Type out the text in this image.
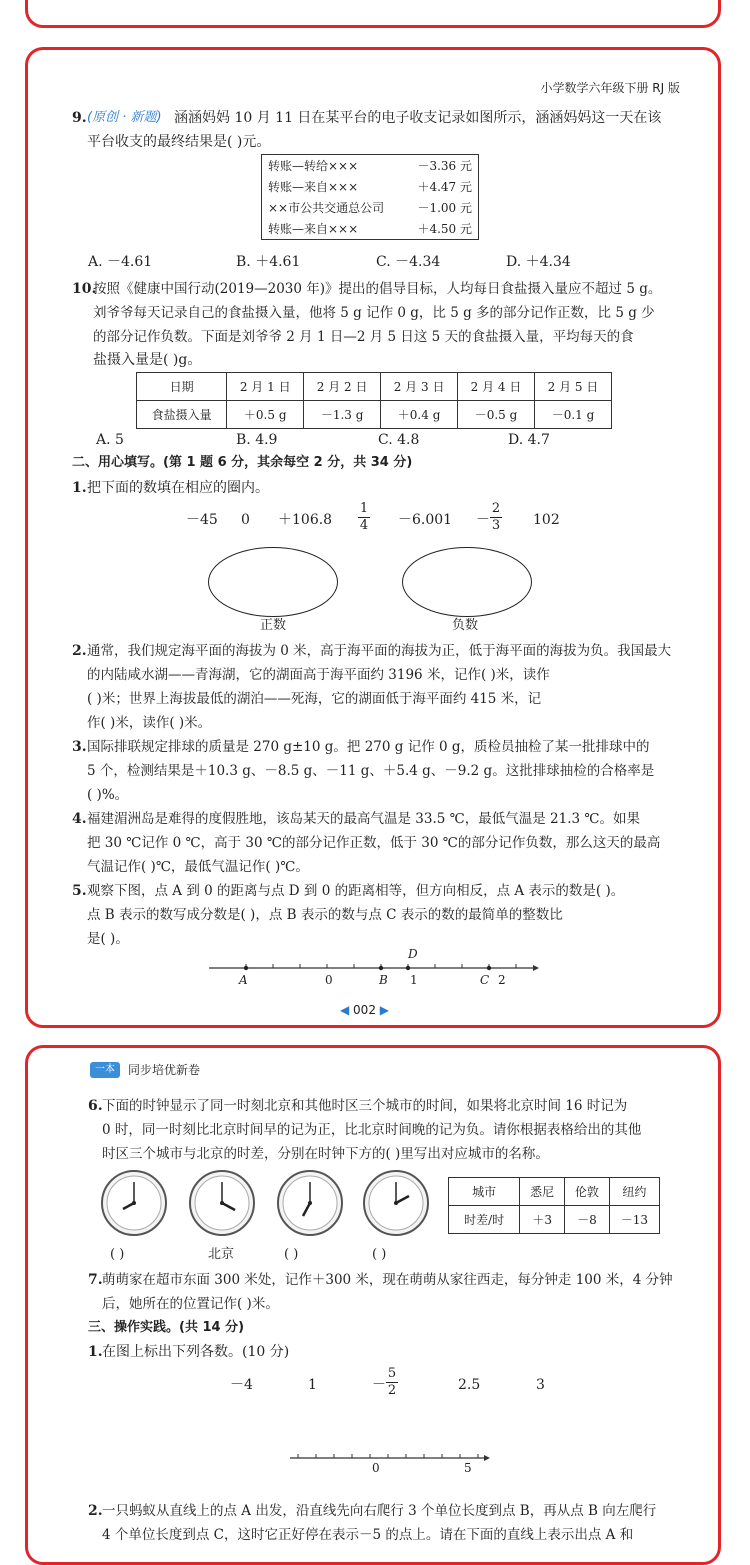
小学数学六年级下册 RJ 版
9. (原创 · 新题) 涵涵妈妈 10 月 11 日在某平台的电子收支记录如图所示，涵涵妈妈这一天在该
平台收支的最终结果是( )元。
转账—转给×××	－3.36 元
转账—来自×××	＋4.47 元
××市公共交通总公司	－1.00 元
转账—来自×××	＋4.50 元
A. －4.61	B. ＋4.61	C. －4.34	D. ＋4.34
10.
按照《健康中国行动(2019—2030 年)》提出的倡导目标，人均每日食盐摄入量应不超过 5 g。
刘爷爷每天记录自己的食盐摄入量，他将 5 g 记作 0 g，比 5 g 多的部分记作正数，比 5 g 少
的部分记作负数。下面是刘爷爷 2 月 1 日—2 月 5 日这 5 天的食盐摄入量，平均每天的食
盐摄入量是( )g。
日期	2 月 1 日	2 月 2 日	2 月 3 日	2 月 4 日	2 月 5 日
食盐摄入量	＋0.5 g	－1.3 g	＋0.4 g	－0.5 g	－0.1 g
A. 5	B. 4.9	C. 4.8	D. 4.7
二、用心填写。(第 1 题 6 分，其余每空 2 分，共 34 分)
1. 把下面的数填在相应的圈内。
－45 0 ＋106.8
1
4 －6.001 －
2
3 102
正数	负数
2. 通常，我们规定海平面的海拔为 0 米，高于海平面的海拔为正，低于海平面的海拔为负。我国最大
的内陆咸水湖——青海湖，它的湖面高于海平面约 3196 米，记作( )米，读作
( )米；世界上海拔最低的湖泊——死海，它的湖面低于海平面约 415 米，记
作( )米，读作( )米。
3. 国际排联规定排球的质量是 270 g±10 g。把 270 g 记作 0 g，质检员抽检了某一批排球中的
5 个，检测结果是＋10.3 g、－8.5 g、－11 g、＋5.4 g、－9.2 g。这批排球抽检的合格率是
( )%。
4. 福建湄洲岛是难得的度假胜地，该岛某天的最高气温是 33.5 ℃，最低气温是 21.3 ℃。如果
把 30 ℃记作 0 ℃，高于 30 ℃的部分记作正数，低于 30 ℃的部分记作负数，那么这天的最高
气温记作( )℃，最低气温记作( )℃。
5. 观察下图，点 A 到 0 的距离与点 D 到 0 的距离相等，但方向相反，点 A 表示的数是( )。
点 B 表示的数写成分数是( )，点 B 表示的数与点 C 表示的数的最简单的整数比
是( )。
A	0	B
D
1	C 2
◀ 002 ▶
一本	同步培优新卷
6. 下面的时钟显示了同一时刻北京和其他时区三个城市的时间，如果将北京时间 16 时记为
0 时，同一时刻比北京时间早的记为正，比北京时间晚的记为负。请你根据表格给出的其他
时区三个城市与北京的时差，分别在时钟下方的( )里写出对应城市的名称。
( )	北京	( )	( )
城市	悉尼	伦敦	纽约
时差/时	＋3	－8	－13
7. 萌萌家在超市东面 300 米处，记作＋300 米，现在萌萌从家往西走，每分钟走 100 米，4 分钟
后，她所在的位置记作( )米。
三、操作实践。(共 14 分)
1. 在图上标出下列各数。(10 分)
－4	1	－
5
2	2.5	3
0	5
2. 一只蚂蚁从直线上的点 A 出发，沿直线先向右爬行 3 个单位长度到点 B，再从点 B 向左爬行
4 个单位长度到点 C，这时它正好停在表示－5 的点上。请在下面的直线上表示出点 A 和
